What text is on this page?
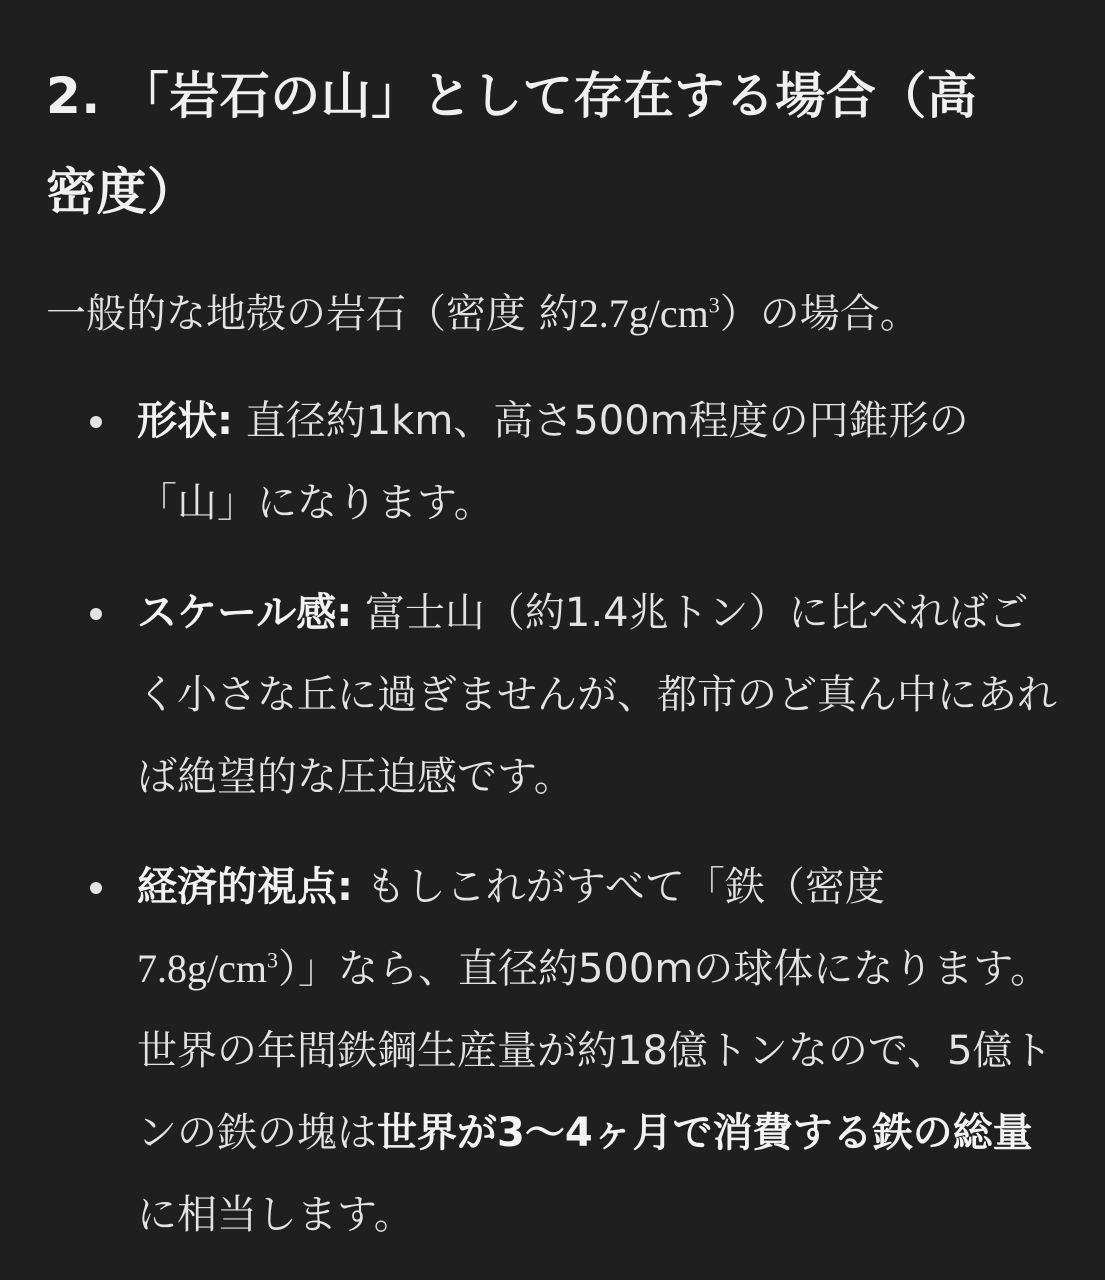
2. 「岩石の山」として存在する場合（高
密度）

一般的な地殻の岩石（密度 約$2.7g/cm^3$）の場合。

形状: 直径約1km、高さ500m程度の円錐形の「山」になります。
スケール感: 富士山（約1.4兆トン）に比べればごく小さな丘に過ぎませんが、都市のど真ん中にあれば絶望的な圧迫感です。
経済的視点: もしこれがすべて「鉄（密度$7.8g/cm^3$）」なら、直径約500mの球体になります。世界の年間鉄鋼生産量が約18億トンなので、5億トンの鉄の塊は世界が3〜4ヶ月で消費する鉄の総量に相当します。
